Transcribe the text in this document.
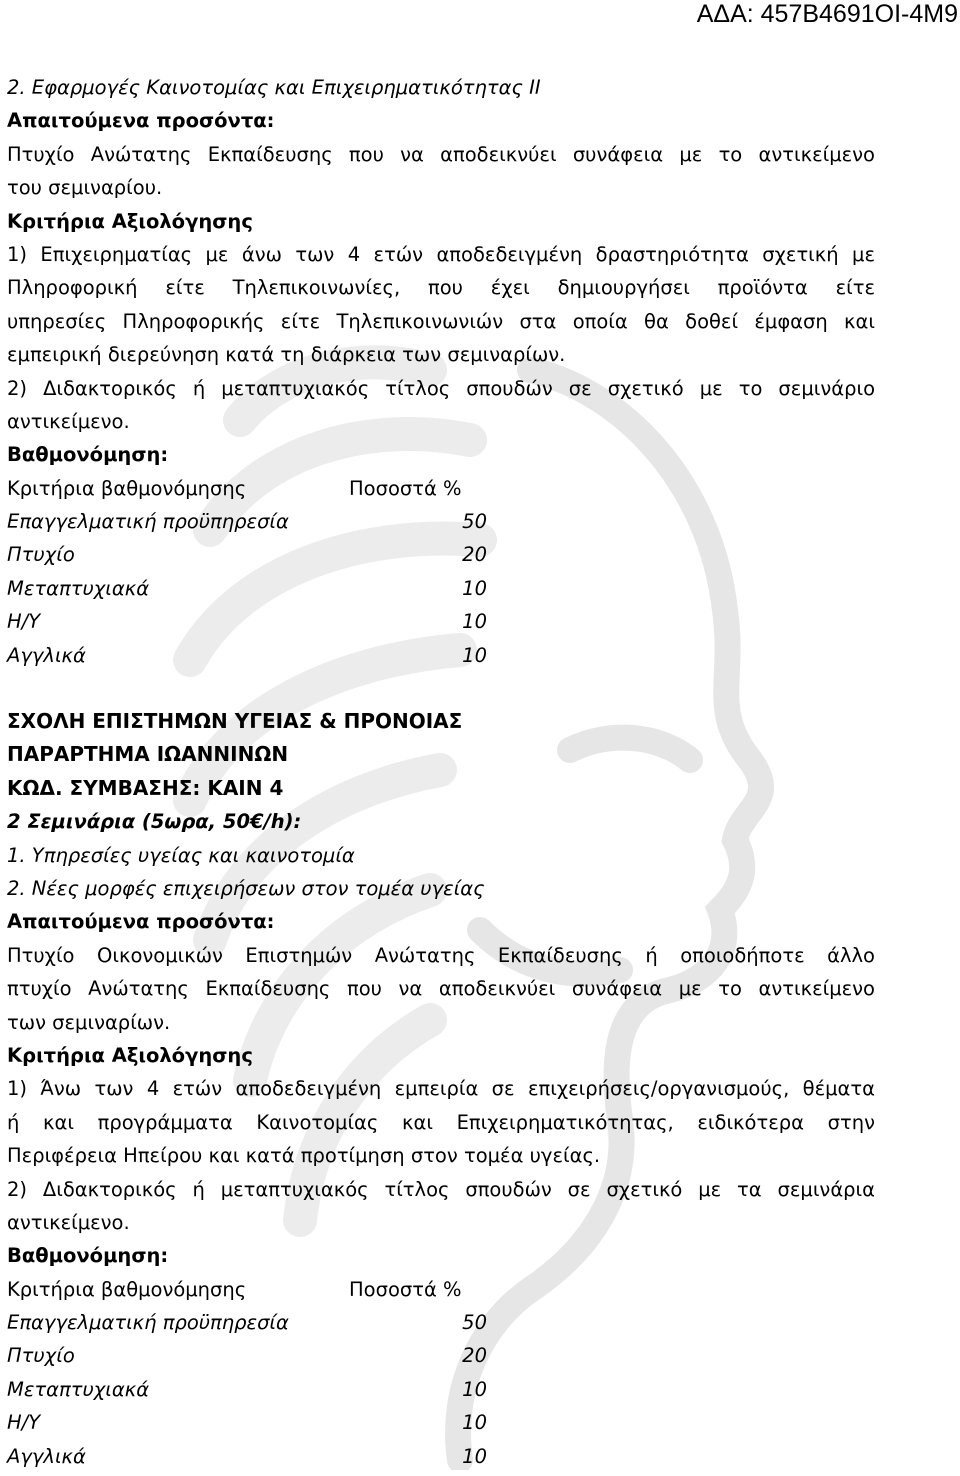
ΑΔΑ: 457Β4691ΟΙ-4Μ9
2. Εφαρμογές Καινοτομίας και Επιχειρηματικότητας ΙΙ
Απαιτούμενα προσόντα:
Πτυχίο Ανώτατης Εκπαίδευσης που να αποδεικνύει συνάφεια με το αντικείμενο
του σεμιναρίου.
Κριτήρια Αξιολόγησης
1) Επιχειρηματίας με άνω των 4 ετών αποδεδειγμένη δραστηριότητα σχετική με
Πληροφορική είτε Τηλεπικοινωνίες, που έχει δημιουργήσει προϊόντα είτε
υπηρεσίες Πληροφορικής είτε Τηλεπικοινωνιών στα οποία θα δοθεί έμφαση και
εμπειρική διερεύνηση κατά τη διάρκεια των σεμιναρίων.
2) Διδακτορικός ή μεταπτυχιακός τίτλος σπουδών σε σχετικό με το σεμινάριο
αντικείμενο.
Βαθμονόμηση:
Κριτήρια βαθμονόμησης	Ποσοστά %
Επαγγελματική προϋπηρεσία	50
Πτυχίο	20
Μεταπτυχιακά	10
Η/Υ	10
Αγγλικά	10
ΣΧΟΛΗ ΕΠΙΣΤΗΜΩΝ ΥΓΕΙΑΣ & ΠΡΟΝΟΙΑΣ
ΠΑΡΑΡΤΗΜΑ ΙΩΑΝΝΙΝΩΝ
ΚΩΔ. ΣΥΜΒΑΣΗΣ: ΚΑΙΝ 4
2 Σεμινάρια (5ωρα, 50€/h):
1. Υπηρεσίες υγείας και καινοτομία
2. Νέες μορφές επιχειρήσεων στον τομέα υγείας
Απαιτούμενα προσόντα:
Πτυχίο Οικονομικών Επιστημών Ανώτατης Εκπαίδευσης ή οποιοδήποτε άλλο
πτυχίο Ανώτατης Εκπαίδευσης που να αποδεικνύει συνάφεια με το αντικείμενο
των σεμιναρίων.
Κριτήρια Αξιολόγησης
1) Άνω των 4 ετών αποδεδειγμένη εμπειρία σε επιχειρήσεις/οργανισμούς, θέματα
ή και προγράμματα Καινοτομίας και Επιχειρηματικότητας, ειδικότερα στην
Περιφέρεια Ηπείρου και κατά προτίμηση στον τομέα υγείας.
2) Διδακτορικός ή μεταπτυχιακός τίτλος σπουδών σε σχετικό με τα σεμινάρια
αντικείμενο.
Βαθμονόμηση:
Κριτήρια βαθμονόμησης	Ποσοστά %
Επαγγελματική προϋπηρεσία	50
Πτυχίο	20
Μεταπτυχιακά	10
Η/Υ	10
Αγγλικά	10
